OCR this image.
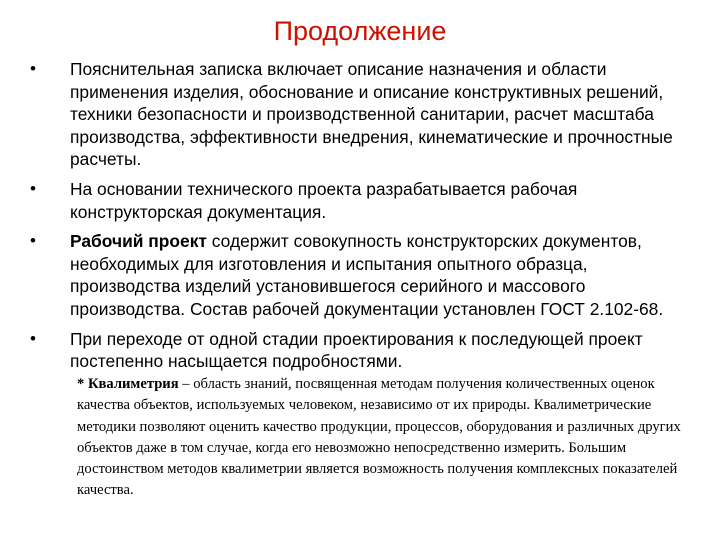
Продолжение
• Пояснительная записка включает описание назначения и области применения изделия, обоснование и описание конструктивных решений, техники безопасности и производственной санитарии, расчет масштаба производства, эффективности внедрения, кинематические и прочностные расчеты.
• На основании технического проекта разрабатывается рабочая конструкторская документация.
• Рабочий проект содержит совокупность конструкторских документов, необходимых для изготовления и испытания опытного образца, производства изделий установившегося серийного и массового производства. Состав рабочей документации установлен ГОСТ 2.102-68.
• При переходе от одной стадии проектирования к последующей проект постепенно насыщается подробностями.
* Квалиметрия – область знаний, посвященная методам получения количественных оценок качества объектов, используемых человеком, независимо от их природы. Квалиметрические методики позволяют оценить качество продукции, процессов, оборудования и различных других объектов даже в том случае, когда его невозможно непосредственно измерить. Большим достоинством методов квалиметрии является возможность получения комплексных показателей качества.
